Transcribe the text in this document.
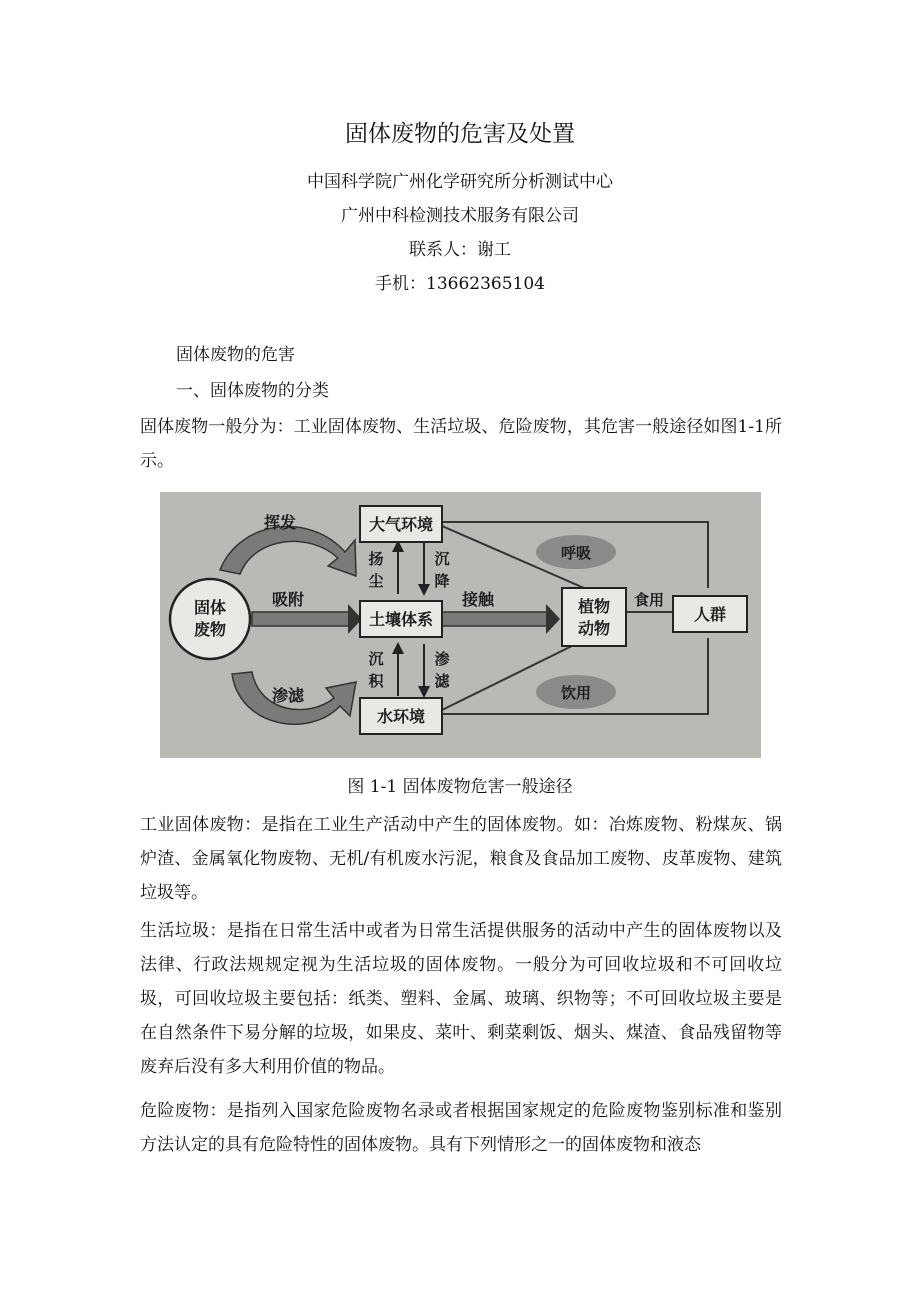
固体废物的危害及处置
中国科学院广州化学研究所分析测试中心
广州中科检测技术服务有限公司
联系人：谢工
手机：13662365104
固体废物的危害
一、固体废物的分类
固体废物一般分为：工业固体废物、生活垃圾、危险废物，其危害一般途径如图1-1所示。
固体
废物
大气环境
土壤体系
水环境
植物
动物
人群
挥发
吸附
渗滤
接触	食用
呼吸
饮用
扬
尘
沉
降
沉
积
渗
滤
图 1-1 固体废物危害一般途径
工业固体废物：是指在工业生产活动中产生的固体废物。如：冶炼废物、粉煤灰、锅炉渣、金属氧化物废物、无机/有机废水污泥，粮食及食品加工废物、皮革废物、建筑垃圾等。
生活垃圾：是指在日常生活中或者为日常生活提供服务的活动中产生的固体废物以及法律、行政法规规定视为生活垃圾的固体废物。一般分为可回收垃圾和不可回收垃圾，可回收垃圾主要包括：纸类、塑料、金属、玻璃、织物等；不可回收垃圾主要是在自然条件下易分解的垃圾，如果皮、菜叶、剩菜剩饭、烟头、煤渣、食品残留物等废弃后没有多大利用价值的物品。
危险废物：是指列入国家危险废物名录或者根据国家规定的危险废物鉴别标准和鉴别方法认定的具有危险特性的固体废物。具有下列情形之一的固体废物和液态
